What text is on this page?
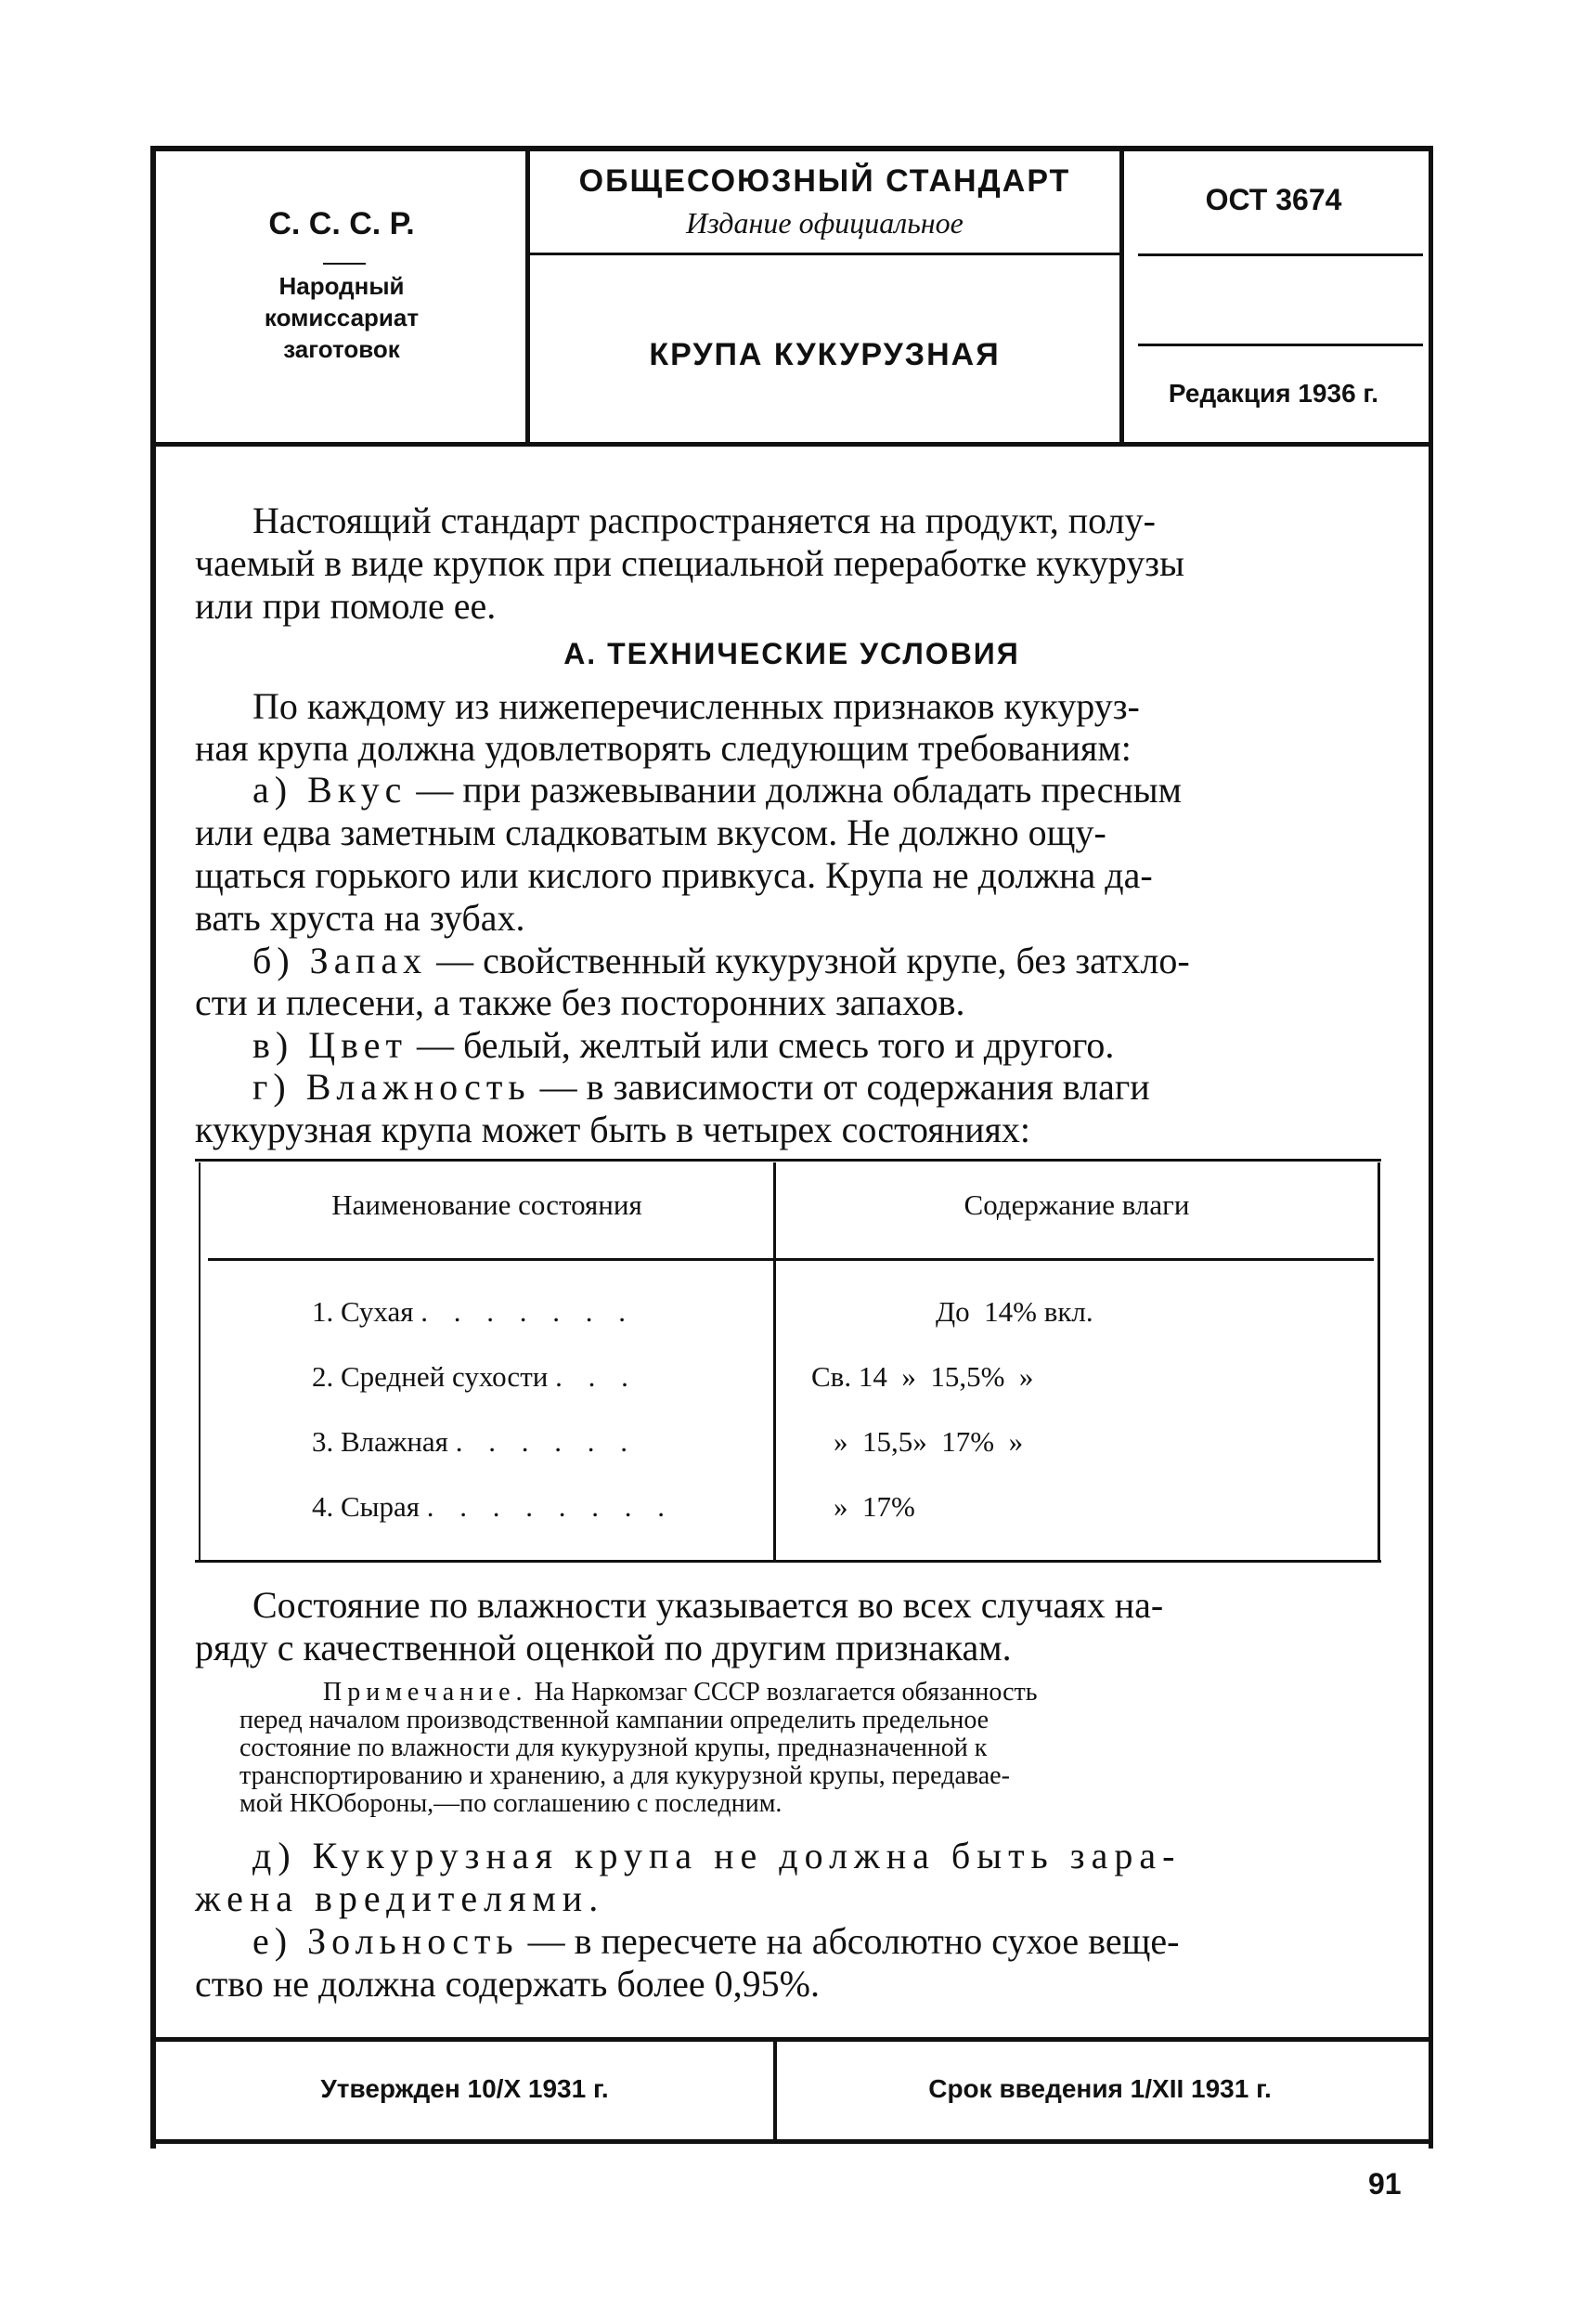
С. С. С. Р.
Народный
комиссариат
заготовок
ОБЩЕСОЮЗНЫЙ СТАНДАРТ
Издание официальное
КРУПА КУКУРУЗНАЯ
ОСТ 3674
Редакция 1936 г.
Настоящий стандарт распространяется на продукт, полу-
чаемый в виде крупок при специальной переработке кукурузы
или при помоле ее.
А. ТЕХНИЧЕСКИЕ УСЛОВИЯ
По каждому из нижеперечисленных признаков кукуруз-
ная крупа должна удовлетворять следующим требованиям:
а) Вкус — при разжевывании должна обладать пресным
или едва заметным сладковатым вкусом. Не должно ощу-
щаться горького или кислого привкуса. Крупа не должна да-
вать хруста на зубах.
б) Запах — свойственный кукурузной крупе, без затхло-
сти и плесени, а также без посторонних запахов.
в) Цвет — белый, желтый или смесь того и другого.
г) Влажность — в зависимости от содержания влаги
кукурузная крупа может быть в четырех состояниях:
Наименование состояния	Содержание влаги
1. Сухая . . . . . . .	До  14% вкл.
2. Средней сухости . . .	Св. 14  »  15,5%  »
3. Влажная . . . . . .	»  15,5»  17%  »
4. Сырая . . . . . . . .	»  17%
Состояние по влажности указывается во всех случаях на-
ряду с качественной оценкой по другим признакам.
Примечание. На Наркомзаг СССР возлагается обязанность
перед началом производственной кампании определить предельное
состояние по влажности для кукурузной крупы, предназначенной к
транспортированию и хранению, а для кукурузной крупы, передавае-
мой НКОбороны,—по соглашению с последним.
д) Кукурузная крупа не должна быть зара-
жена вредителями.
е) Зольность — в пересчете на абсолютно сухое веще-
ство не должна содержать более 0,95%.
Утвержден 10/X 1931 г.	Срок введения 1/XII 1931 г.
91
